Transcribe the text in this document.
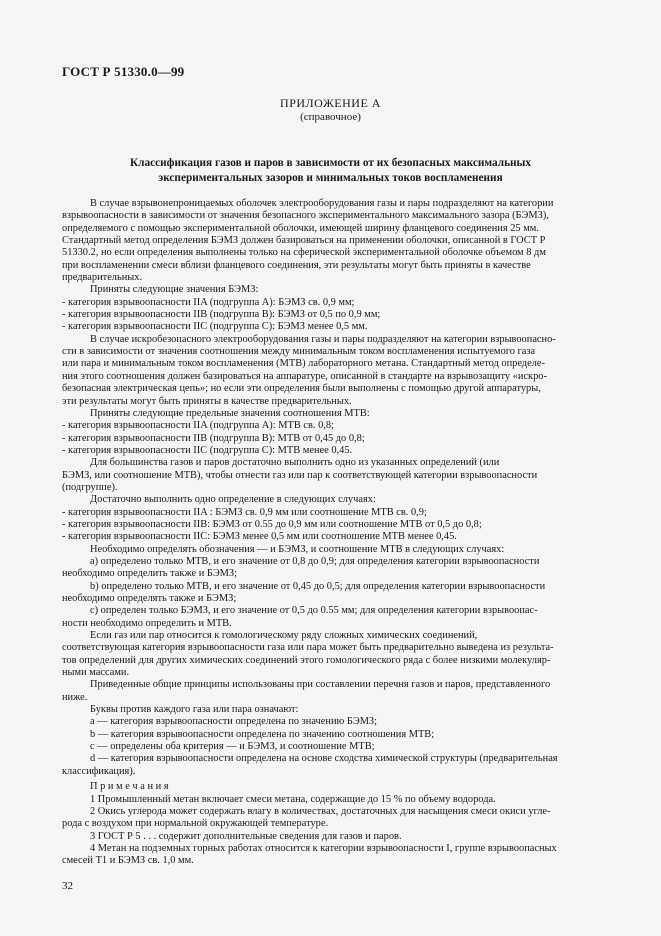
ГОСТ Р 51330.0—99
ПРИЛОЖЕНИЕ А
(справочное)
Классификация газов и паров в зависимости от их безопасных максимальных
экспериментальных зазоров и минимальных токов воспламенения
В случае взрывонепроницаемых оболочек электрооборудования газы и пары подразделяют на категории
взрывоопасности в зависимости от значения безопасного экспериментального максимального зазора (БЭМЗ),
определяемого с помощью экспериментальной оболочки, имеющей ширину фланцевого соединения 25 мм.
Стандартный метод определения БЭМЗ должен базироваться на применении оболочки, описанной в ГОСТ Р
51330.2, но если определения выполнены только на сферической экспериментальной оболочке объемом 8 дм
при воспламенении смеси вблизи фланцевого соединения, эти результаты могут быть приняты в качестве
предварительных.
Приняты следующие значения БЭМЗ:
- категория взрывоопасности IIA (подгруппа А): БЭМЗ св. 0,9 мм;
- категория взрывоопасности IIB (подгруппа В): БЭМЗ от 0,5 по 0,9 мм;
- категория взрывоопасности IIC (подгруппа С): БЭМЗ менее 0,5 мм.
В случае искробезопасного электрооборудования газы и пары подразделяют на категории взрывоопасно-
сти в зависимости от значения соотношения между минимальным током воспламенения испытуемого газа
или пара и минимальным током воспламенения (МТВ) лабораторного метана. Стандартный метод определе-
ния этого соотношения должен базироваться на аппаратуре, описанной в стандарте на взрывозащиту «искро-
безопасная электрическая цепь»; но если эти определения были выполнены с помощью другой аппаратуры,
эти результаты могут быть приняты в качестве предварительных.
Приняты следующие предельные значения соотношения МТВ:
- категория взрывоопасности IIA (подгруппа А): МТВ св. 0,8;
- категория взрывоопасности IIB (подгруппа В): МТВ от 0,45 до 0,8;
- категория взрывоопасности IIC (подгруппа С): МТВ менее 0,45.
Для большинства газов и паров достаточно выполнить одно из указанных определений (или
БЭМЗ, или соотношение МТВ), чтобы отнести газ или пар к соответствующей категории взрывоопасности
(подгруппе).
Достаточно выполнить одно определение в следующих случаях:
- категория взрывоопасности IIA : БЭМЗ св. 0,9 мм или соотношение МТВ св. 0,9;
- категория взрывоопасности IIB: БЭМЗ от 0.55 до 0,9 мм или соотношение МТВ от 0,5 до 0,8;
- категория взрывоопасности IIC: БЭМЗ менее 0,5 мм или соотношение МТВ менее 0,45.
Необходимо определять обозначения — и БЭМЗ, и соотношение МТВ в следующих случаях:
а) определено только МТВ, и его значение от 0,8 до 0,9; для определения категории взрывоопасности
необходимо определить также и БЭМЗ;
b) определено только МТВ, и его значение от 0,45 до 0,5; для определения категории взрывоопасности
необходимо определять также и БЭМЗ;
с) определен только БЭМЗ, и его значение от 0,5 до 0.55 мм; для определения категории взрывоопас-
ности необходимо определить и МТВ.
Если газ или пар относится к гомологическому ряду сложных химических соединений,
соответствующая категория взрывоопасности газа или пара может быть предварительно выведена из результа-
тов определений для других химических соединений этого гомологического ряда с более низкими молекуляр-
ными массами.
Приведенные общие принципы использованы при составлении перечня газов и паров, представленного
ниже.
Буквы против каждого газа или пара означают:
а — категория взрывоопасности определена по значению БЭМЗ;
b — категория взрывоопасности определена по значению соотношения МТВ;
с — определены оба критерия — и БЭМЗ, и соотношение МТВ;
d — категория взрывоопасности определена на основе сходства химической структуры (предварительная
классификация).
П р и м е ч а н и я
1 Промышленный метан включает смеси метана, содержащие до 15 % по объему водорода.
2 Окись углерода может содержать влагу в количествах, достаточных для насыщения смеси окиси угле-
рода с воздухом при нормальной окружающей температуре.
3 ГОСТ Р 5 . . . содержит дополнительные сведения для газов и паров.
4 Метан на подземных горных работах относится к категории взрывоопасности I, группе взрывоопасных
смесей Т1 и БЭМЗ св. 1,0 мм.
32
